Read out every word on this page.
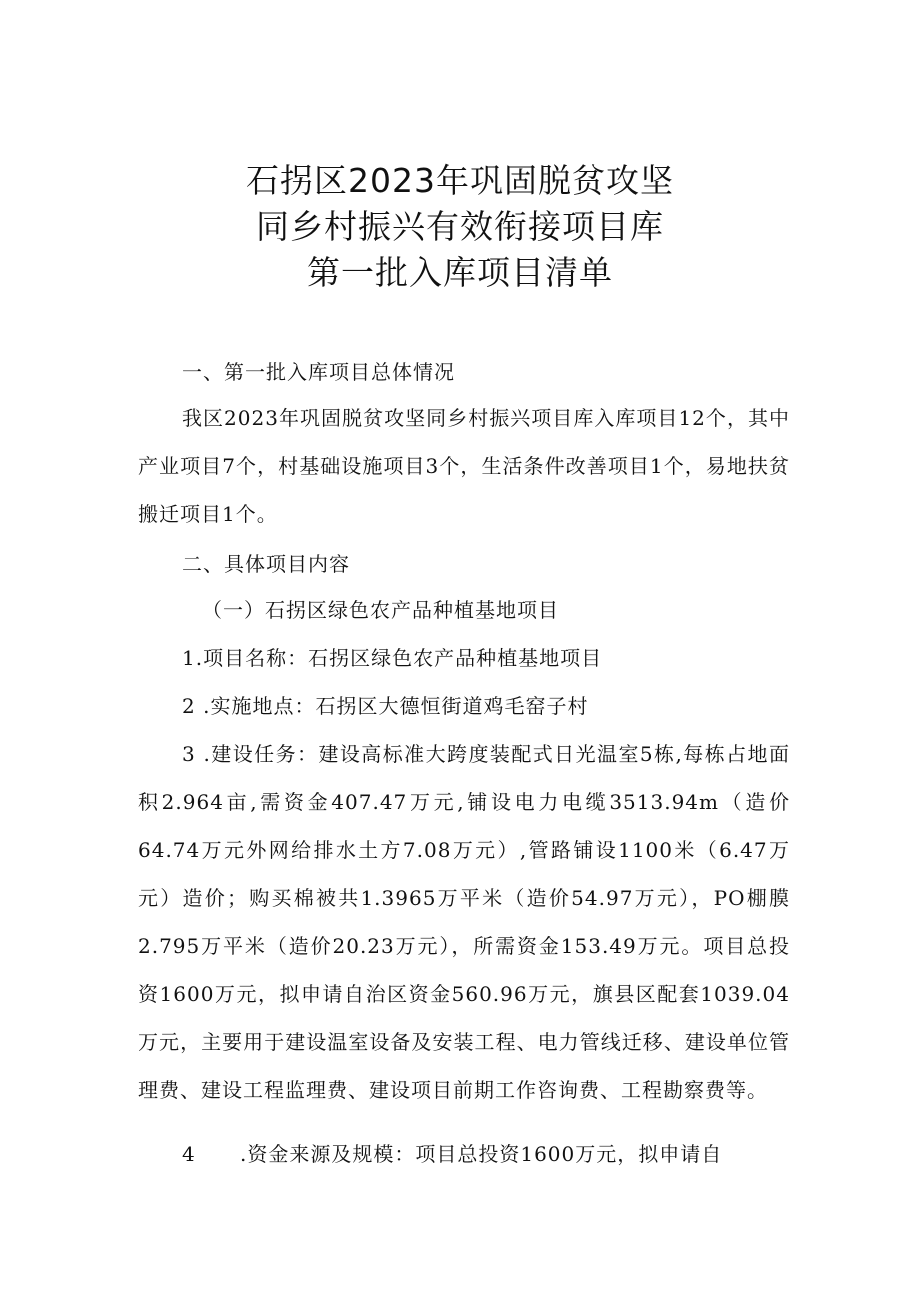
石拐区2023年巩固脱贫攻坚
同乡村振兴有效衔接项目库
第一批入库项目清单
一、第一批入库项目总体情况

我区2023年巩固脱贫攻坚同乡村振兴项目库入库项目12个，其中产业项目7个，村基础设施项目3个，生活条件改善项目1个，易地扶贫搬迁项目1个。

二、具体项目内容
（一）石拐区绿色农产品种植基地项目
1.项目名称：石拐区绿色农产品种植基地项目
2 .实施地点：石拐区大德恒街道鸡毛窑子村

3 .建设任务：建设高标准大跨度装配式日光温室5栋,每栋占地面积2.964亩,需资金407.47万元,铺设电力电缆3513.94m（造价64.74万元外网给排水土方7.08万元）,管路铺设1100米（6.47万元）造价；购买棉被共1.3965万平米（造价54.97万元），PO棚膜2.795万平米（造价20.23万元），所需资金153.49万元。项目总投资1600万元，拟申请自治区资金560.96万元，旗县区配套1039.04万元，主要用于建设温室设备及安装工程、电力管线迁移、建设单位管理费、建设工程监理费、建设项目前期工作咨询费、工程勘察费等。

4	.资金来源及规模：项目总投资1600万元，拟申请自
